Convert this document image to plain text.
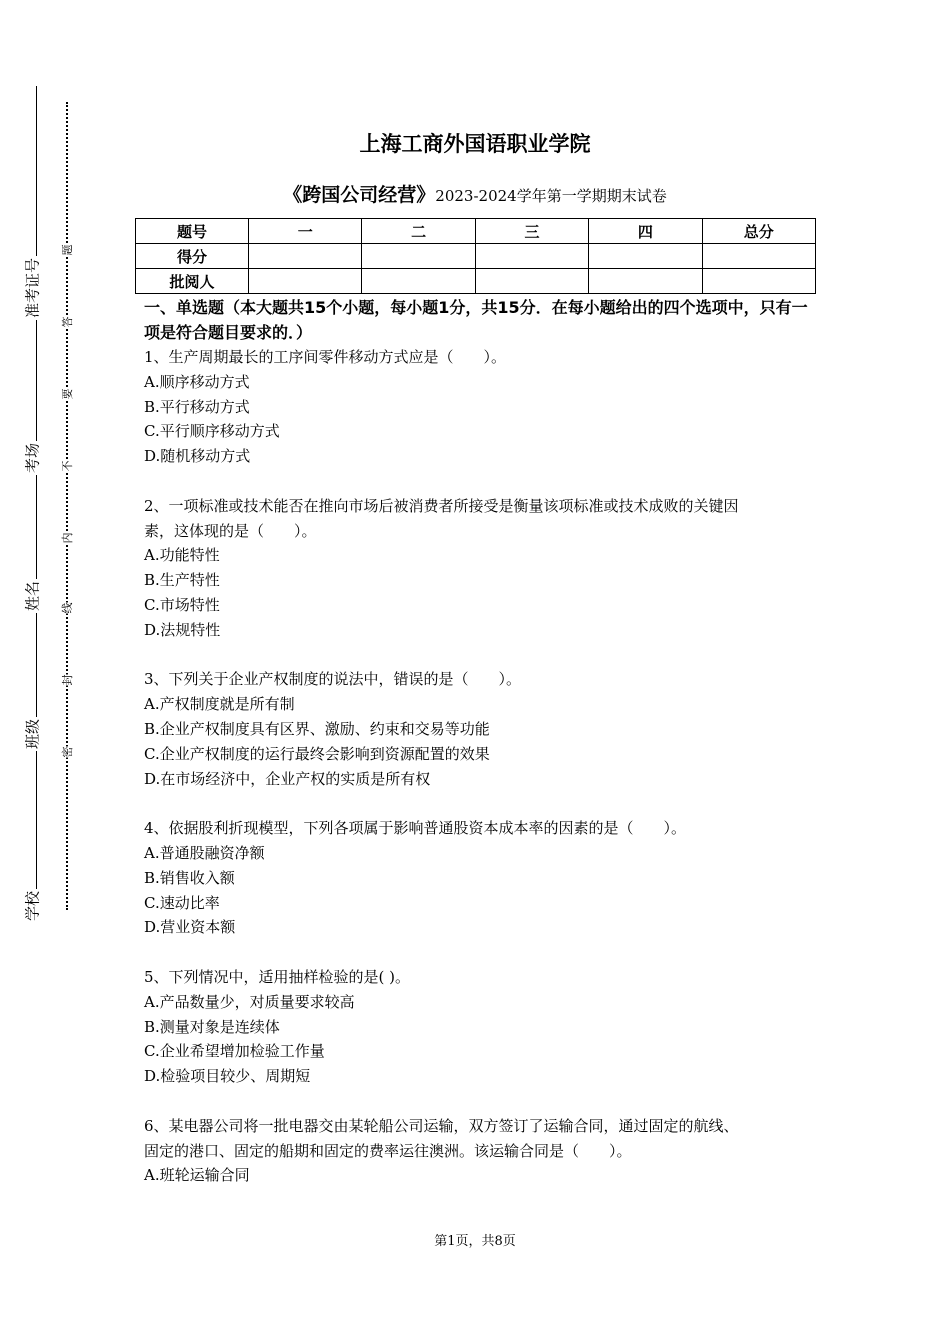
准考证号
考场
姓名
班级
学校
题
答
要
不
内
线
封
密
上海工商外国语职业学院
《跨国公司经营》2023-2024学年第一学期期末试卷
题号	一	二	三	四	总分
得分					
批阅人					
一、单选题（本大题共15个小题，每小题1分，共15分．在每小题给出的四个选项中，只有一项是符合题目要求的．）
1、生产周期最长的工序间零件移动方式应是（　　）。
A.顺序移动方式
B.平行移动方式
C.平行顺序移动方式
D.随机移动方式
2、一项标准或技术能否在推向市场后被消费者所接受是衡量该项标准或技术成败的关键因
素，这体现的是（　　）。
A.功能特性
B.生产特性
C.市场特性
D.法规特性
3、下列关于企业产权制度的说法中，错误的是（　　）。
A.产权制度就是所有制
B.企业产权制度具有区界、激励、约束和交易等功能
C.企业产权制度的运行最终会影响到资源配置的效果
D.在市场经济中，企业产权的实质是所有权
4、依据股利折现模型，下列各项属于影响普通股资本成本率的因素的是（　　）。
A.普通股融资净额
B.销售收入额
C.速动比率
D.营业资本额
5、下列情况中，适用抽样检验的是( )。
A.产品数量少，对质量要求较高
B.测量对象是连续体
C.企业希望增加检验工作量
D.检验项目较少、周期短
6、某电器公司将一批电器交由某轮船公司运输，双方签订了运输合同，通过固定的航线、
固定的港口、固定的船期和固定的费率运往澳洲。该运输合同是（　　）。
A.班轮运输合同
第1页，共8页
